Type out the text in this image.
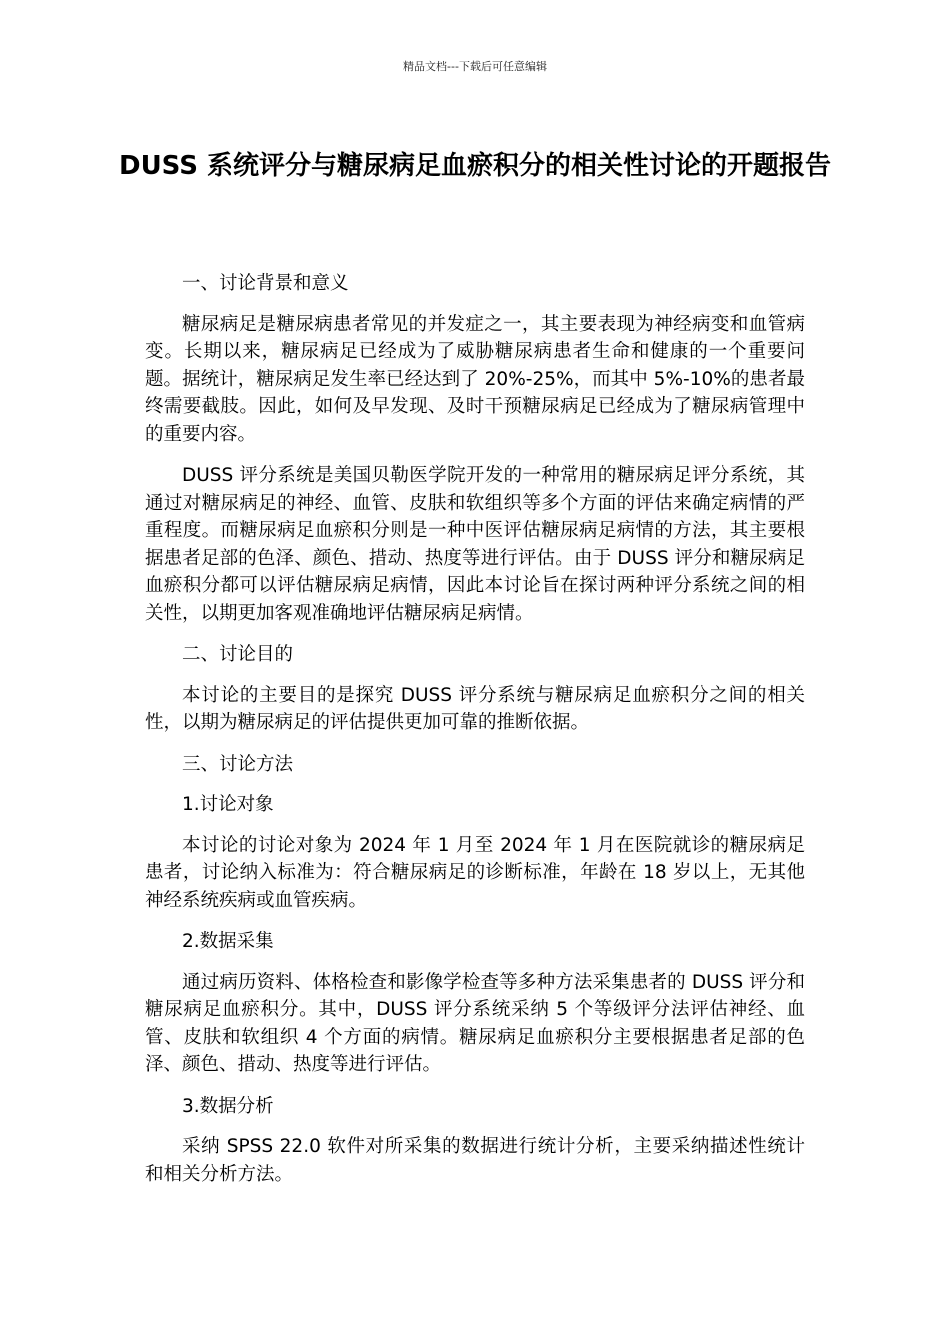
精品文档---下载后可任意编辑
DUSS 系统评分与糖尿病足血瘀积分的相关性讨论的开题报告

一、讨论背景和意义

糖尿病足是糖尿病患者常见的并发症之一，其主要表现为神经病变和血管病变。长期以来，糖尿病足已经成为了威胁糖尿病患者生命和健康的一个重要问题。据统计，糖尿病足发生率已经达到了 20%-25%，而其中 5%-10%的患者最终需要截肢。因此，如何及早发现、及时干预糖尿病足已经成为了糖尿病管理中的重要内容。

DUSS 评分系统是美国贝勒医学院开发的一种常用的糖尿病足评分系统，其通过对糖尿病足的神经、血管、皮肤和软组织等多个方面的评估来确定病情的严重程度。而糖尿病足血瘀积分则是一种中医评估糖尿病足病情的方法，其主要根据患者足部的色泽、颜色、措动、热度等进行评估。由于 DUSS 评分和糖尿病足血瘀积分都可以评估糖尿病足病情，因此本讨论旨在探讨两种评分系统之间的相关性，以期更加客观准确地评估糖尿病足病情。

二、讨论目的

本讨论的主要目的是探究 DUSS 评分系统与糖尿病足血瘀积分之间的相关性，以期为糖尿病足的评估提供更加可靠的推断依据。

三、讨论方法

1.讨论对象

本讨论的讨论对象为 2024 年 1 月至 2024 年 1 月在医院就诊的糖尿病足患者，讨论纳入标准为：符合糖尿病足的诊断标准，年龄在 18 岁以上，无其他神经系统疾病或血管疾病。

2.数据采集

通过病历资料、体格检查和影像学检查等多种方法采集患者的 DUSS 评分和糖尿病足血瘀积分。其中，DUSS 评分系统采纳 5 个等级评分法评估神经、血管、皮肤和软组织 4 个方面的病情。糖尿病足血瘀积分主要根据患者足部的色泽、颜色、措动、热度等进行评估。

3.数据分析

采纳 SPSS 22.0 软件对所采集的数据进行统计分析，主要采纳描述性统计和相关分析方法。
